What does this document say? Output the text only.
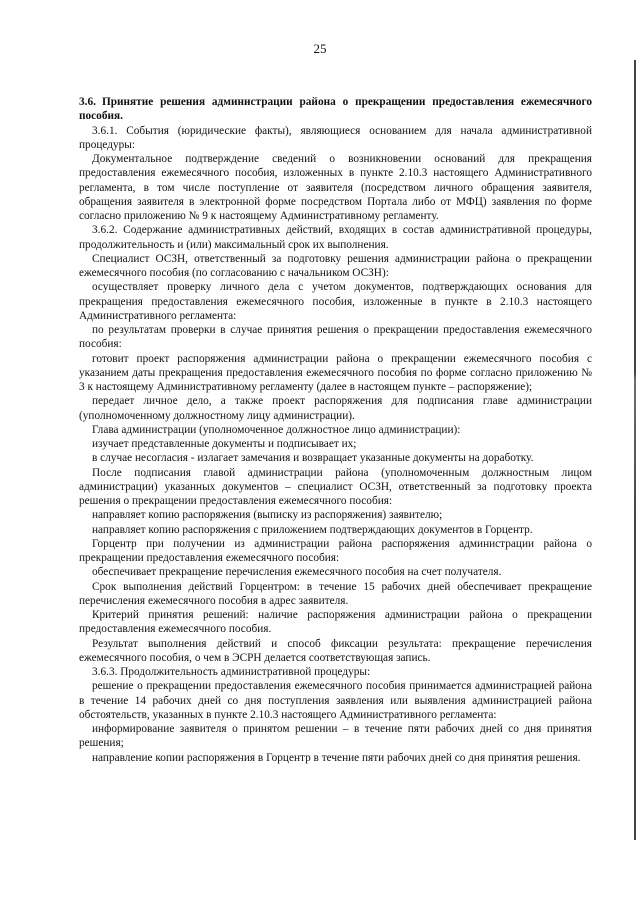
25

3.6. Принятие решения администрации района о прекращении предоставления ежемесячного пособия.

3.6.1. События (юридические факты), являющиеся основанием для начала административной процедуры:

Документальное подтверждение сведений о возникновении оснований для прекращения предоставления ежемесячного пособия, изложенных в пункте 2.10.3 настоящего Административного регламента, в том числе поступление от заявителя (посредством личного обращения заявителя, обращения заявителя в электронной форме посредством Портала либо от МФЦ) заявления по форме согласно приложению № 9 к настоящему Административному регламенту.

3.6.2. Содержание административных действий, входящих в состав административной процедуры, продолжительность и (или) максимальный срок их выполнения.

Специалист ОСЗН, ответственный за подготовку решения администрации района о прекращении ежемесячного пособия (по согласованию с начальником ОСЗН):

осуществляет проверку личного дела с учетом документов, подтверждающих основания для прекращения предоставления ежемесячного пособия, изложенные в пункте в 2.10.3 настоящего Административного регламента:

по результатам проверки в случае принятия решения о прекращении предоставления ежемесячного пособия:

готовит проект распоряжения администрации района о прекращении ежемесячного пособия с указанием даты прекращения предоставления ежемесячного пособия по форме согласно приложению № 3 к настоящему Административному регламенту (далее в настоящем пункте – распоряжение);

передает личное дело, а также проект распоряжения для подписания главе администрации (уполномоченному должностному лицу администрации).

Глава администрации (уполномоченное должностное лицо администрации):

изучает представленные документы и подписывает их;

в случае несогласия - излагает замечания и возвращает указанные документы на доработку.

После подписания главой администрации района (уполномоченным должностным лицом администрации) указанных документов – специалист ОСЗН, ответственный за подготовку проекта решения о прекращении предоставления ежемесячного пособия:

направляет копию распоряжения (выписку из распоряжения) заявителю;

направляет копию распоряжения с приложением подтверждающих документов в Горцентр.

Горцентр при получении из администрации района распоряжения администрации района о прекращении предоставления ежемесячного пособия:

обеспечивает прекращение перечисления ежемесячного пособия на счет получателя.

Срок выполнения действий Горцентром: в течение 15 рабочих дней обеспечивает прекращение перечисления ежемесячного пособия в адрес заявителя.

Критерий принятия решений: наличие распоряжения администрации района о прекращении предоставления ежемесячного пособия.

Результат выполнения действий и способ фиксации результата: прекращение перечисления ежемесячного пособия, о чем в ЭСРН делается соответствующая запись.

3.6.3. Продолжительность административной процедуры:

решение о прекращении предоставления ежемесячного пособия принимается администрацией района в течение 14 рабочих дней со дня поступления заявления или выявления администрацией района обстоятельств, указанных в пункте 2.10.3 настоящего Административного регламента:

информирование заявителя о принятом решении – в течение пяти рабочих дней со дня принятия решения;

направление копии распоряжения в Горцентр в течение пяти рабочих дней со дня принятия решения.
